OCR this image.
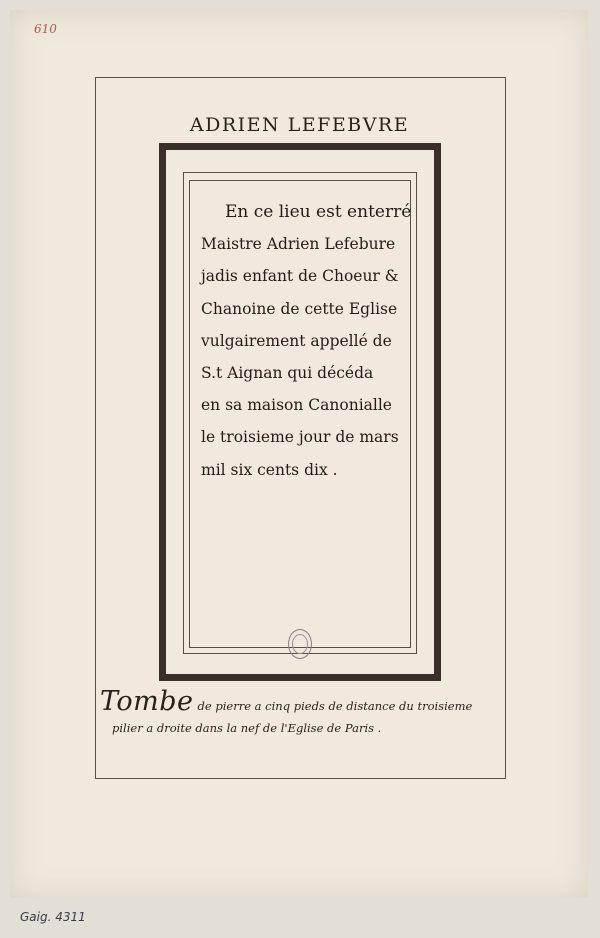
610
ADRIEN LEFEBVRE
En ce lieu est enterré
Maistre Adrien Lefebure
jadis enfant de Choeur &
Chanoine de cette Eglise
vulgairement appellé de
S.t Aignan qui décéda
en sa maison Canonialle
le troisieme jour de mars
mil six cents dix .
Tombe de pierre a cinq pieds de distance du troisieme
pilier a droite dans la nef de l'Eglise de Paris .
Gaig. 4311
